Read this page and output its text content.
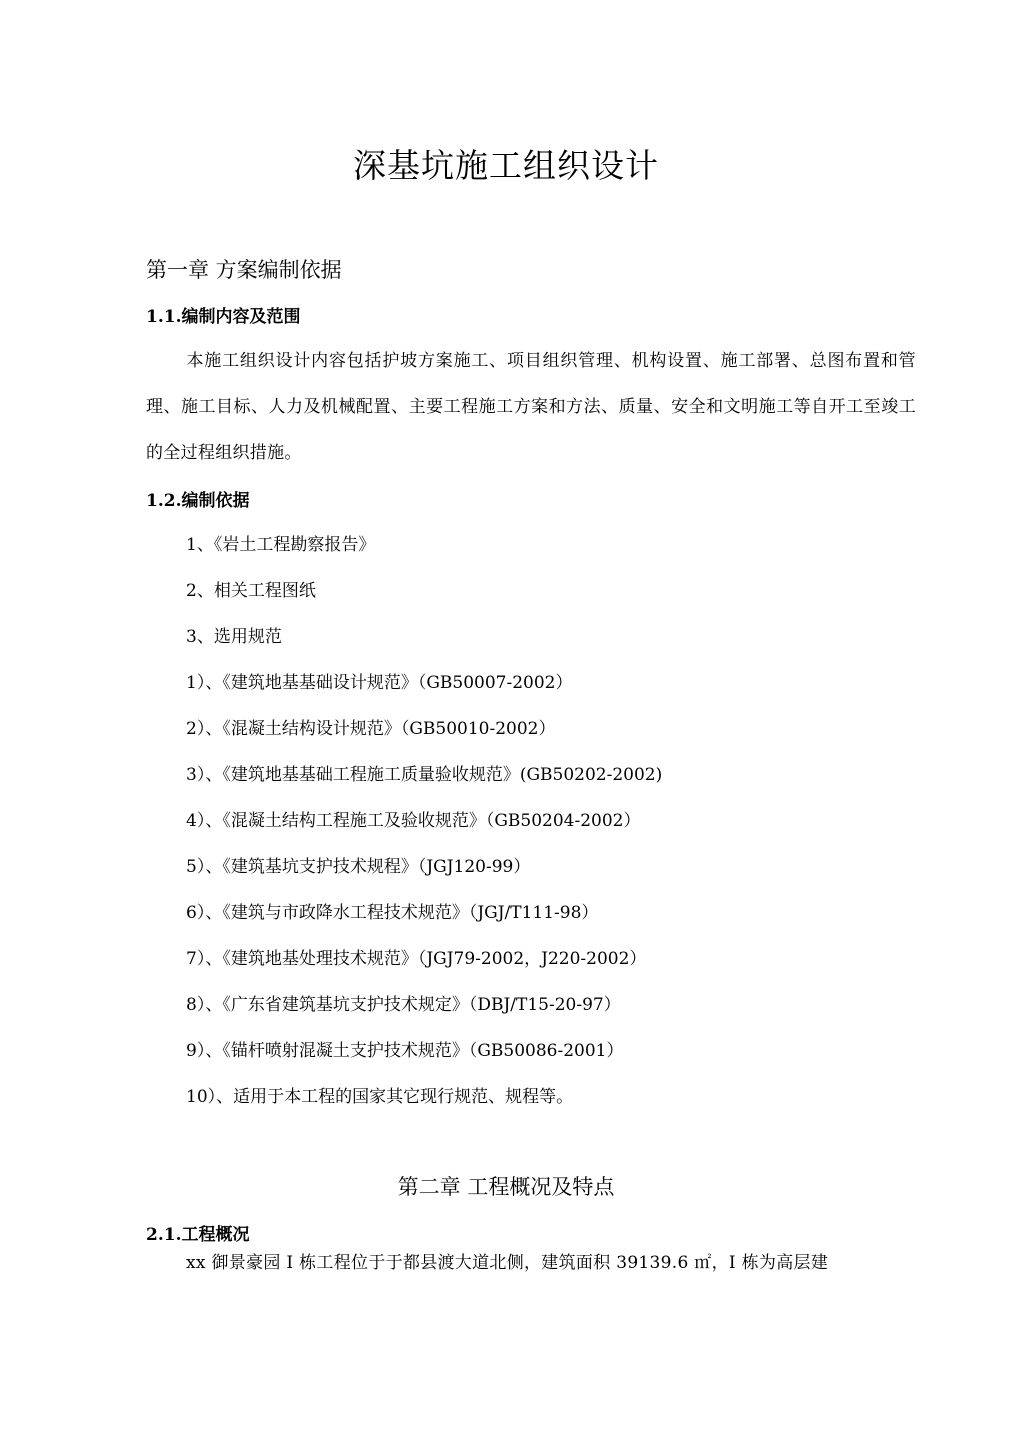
深基坑施工组织设计
第一章 方案编制依据
1.1.编制内容及范围

本施工组织设计内容包括护坡方案施工、项目组织管理、机构设置、施工部署、总图布置和管理、施工目标、人力及机械配置、主要工程施工方案和方法、质量、安全和文明施工等自开工至竣工的全过程组织措施。

1.2.编制依据
1、《岩土工程勘察报告》
2、相关工程图纸
3、选用规范
1）、《建筑地基基础设计规范》（GB50007-2002）
2）、《混凝土结构设计规范》（GB50010-2002）
3）、《建筑地基基础工程施工质量验收规范》(GB50202-2002)
4）、《混凝土结构工程施工及验收规范》（GB50204-2002）
5）、《建筑基坑支护技术规程》（JGJ120-99）
6）、《建筑与市政降水工程技术规范》（JGJ/T111-98）
7）、《建筑地基处理技术规范》（JGJ79-2002，J220-2002）
8）、《广东省建筑基坑支护技术规定》（DBJ/T15-20-97）
9）、《锚杆喷射混凝土支护技术规范》（GB50086-2001）
10）、适用于本工程的国家其它现行规范、规程等。
第二章 工程概况及特点
2.1.工程概况

xx 御景豪园 I 栋工程位于于都县渡大道北侧，建筑面积 39139.6 ㎡，I 栋为高层建
